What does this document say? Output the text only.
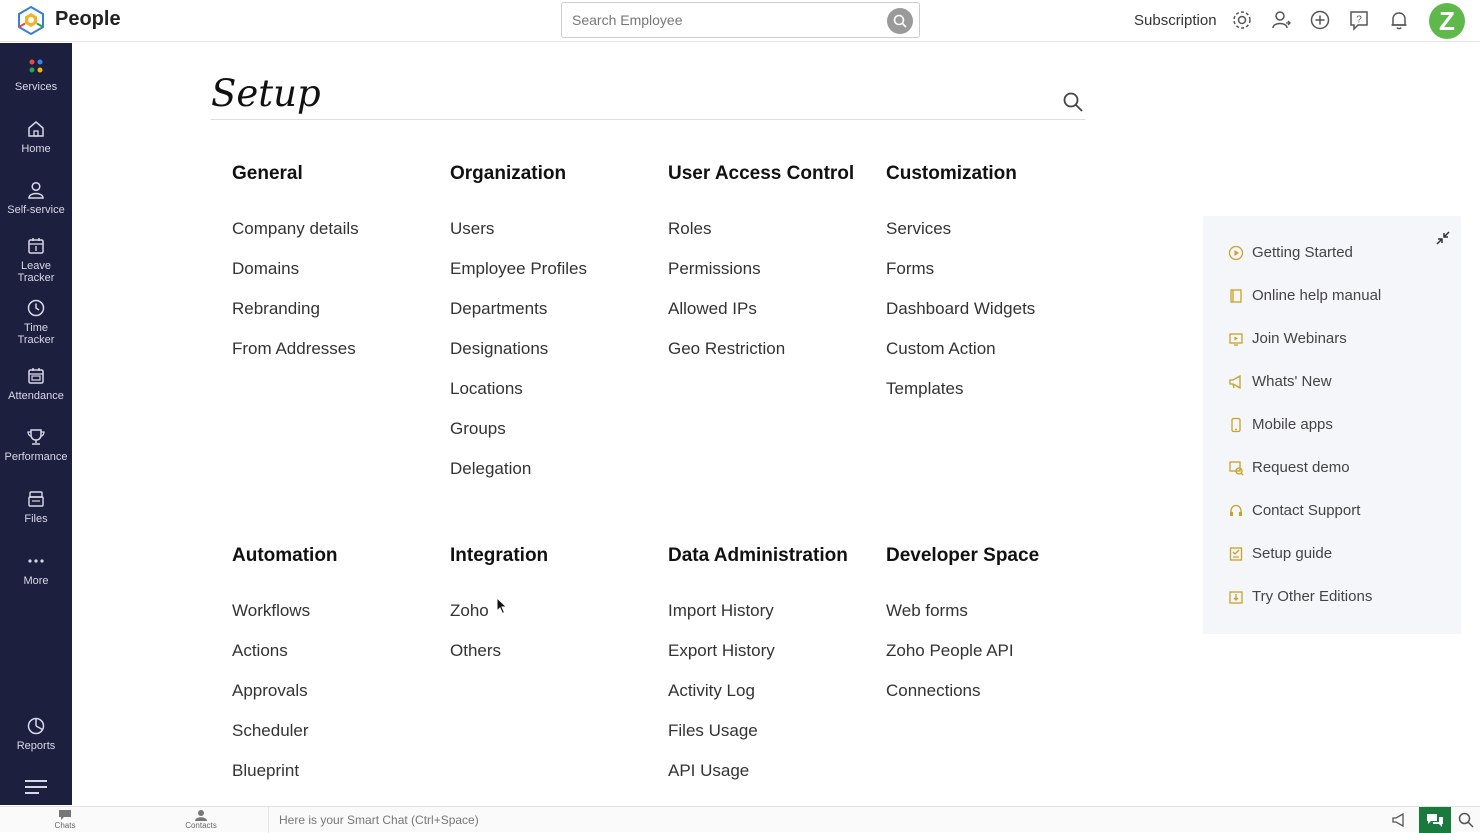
People
Search Employee	Subscription	?	Z
Services
Home
Self-service
Leave Tracker
Time Tracker
Attendance
Performance
Files
More
Reports
Setup
General
Company details
Domains
Rebranding
From Addresses
Organization
Users
Employee Profiles
Departments
Designations
Locations
Groups
Delegation
User Access Control
Roles
Permissions
Allowed IPs
Geo Restriction
Customization
Services
Forms
Dashboard Widgets
Custom Action
Templates
Automation
Workflows
Actions
Approvals
Scheduler
Blueprint
Integration
Zoho
Others
Data Administration
Import History
Export History
Activity Log
Files Usage
API Usage
Developer Space
Web forms
Zoho People API
Connections
Getting Started
Online help manual
Join Webinars
Whats' New
Mobile apps
Request demo
Contact Support
Setup guide
Try Other Editions
Chats	Contacts
Here is your Smart Chat (Ctrl+Space)
